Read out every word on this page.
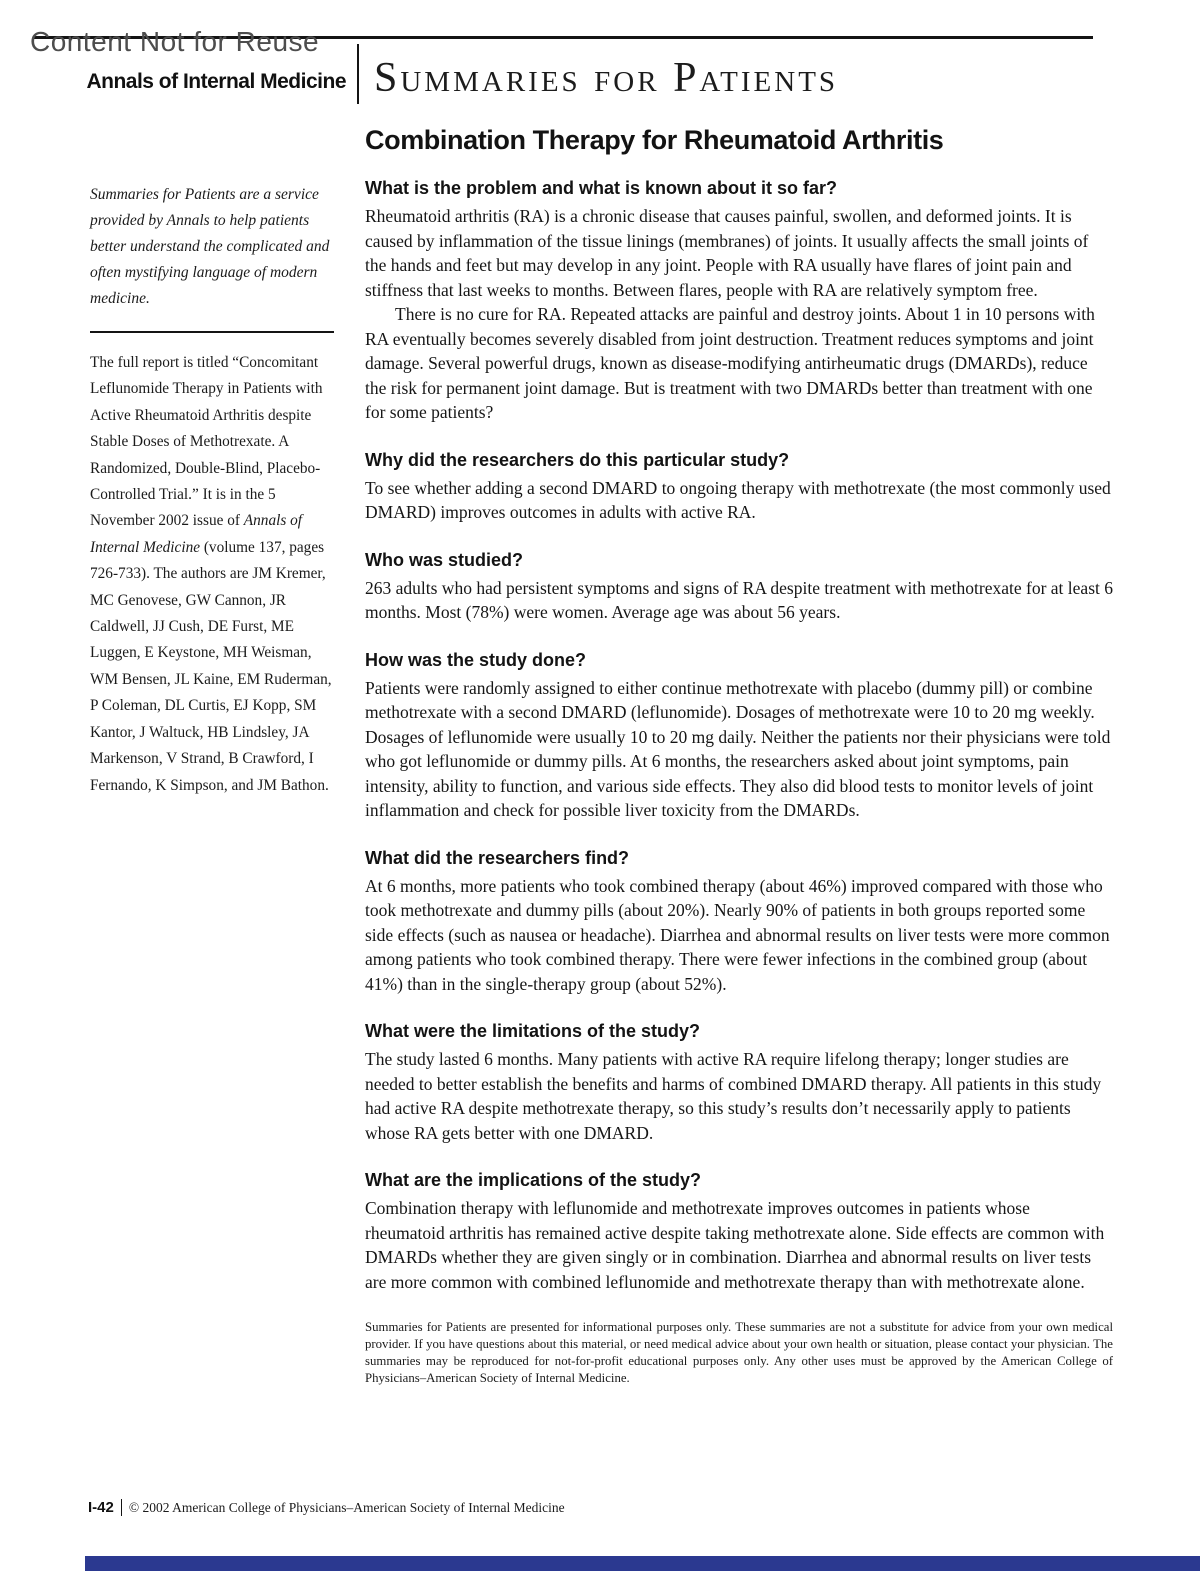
Content Not for Reuse
Annals of Internal Medicine Summaries for Patients
Combination Therapy for Rheumatoid Arthritis

Summaries for Patients are a service provided by Annals to help patients better understand the complicated and often mystifying language of modern medicine.

The full report is titled “Concomitant Leflunomide Therapy in Patients with Active Rheumatoid Arthritis despite Stable Doses of Methotrexate. A Randomized, Double-Blind, Placebo-Controlled Trial.” It is in the 5 November 2002 issue of Annals of Internal Medicine (volume 137, pages 726-733). The authors are JM Kremer, MC Genovese, GW Cannon, JR Caldwell, JJ Cush, DE Furst, ME Luggen, E Keystone, MH Weisman, WM Bensen, JL Kaine, EM Ruderman, P Coleman, DL Curtis, EJ Kopp, SM Kantor, J Waltuck, HB Lindsley, JA Markenson, V Strand, B Crawford, I Fernando, K Simpson, and JM Bathon.

What is the problem and what is known about it so far?

Rheumatoid arthritis (RA) is a chronic disease that causes painful, swollen, and deformed joints. It is caused by inflammation of the tissue linings (membranes) of joints. It usually affects the small joints of the hands and feet but may develop in any joint. People with RA usually have flares of joint pain and stiffness that last weeks to months. Between flares, people with RA are relatively symptom free.

There is no cure for RA. Repeated attacks are painful and destroy joints. About 1 in 10 persons with RA eventually becomes severely disabled from joint destruction. Treatment reduces symptoms and joint damage. Several powerful drugs, known as disease-modifying antirheumatic drugs (DMARDs), reduce the risk for permanent joint damage. But is treatment with two DMARDs better than treatment with one for some patients?

Why did the researchers do this particular study?

To see whether adding a second DMARD to ongoing therapy with methotrexate (the most commonly used DMARD) improves outcomes in adults with active RA.

Who was studied?

263 adults who had persistent symptoms and signs of RA despite treatment with methotrexate for at least 6 months. Most (78%) were women. Average age was about 56 years.

How was the study done?

Patients were randomly assigned to either continue methotrexate with placebo (dummy pill) or combine methotrexate with a second DMARD (leflunomide). Dosages of methotrexate were 10 to 20 mg weekly. Dosages of leflunomide were usually 10 to 20 mg daily. Neither the patients nor their physicians were told who got leflunomide or dummy pills. At 6 months, the researchers asked about joint symptoms, pain intensity, ability to function, and various side effects. They also did blood tests to monitor levels of joint inflammation and check for possible liver toxicity from the DMARDs.

What did the researchers find?

At 6 months, more patients who took combined therapy (about 46%) improved compared with those who took methotrexate and dummy pills (about 20%). Nearly 90% of patients in both groups reported some side effects (such as nausea or headache). Diarrhea and abnormal results on liver tests were more common among patients who took combined therapy. There were fewer infections in the combined group (about 41%) than in the single-therapy group (about 52%).

What were the limitations of the study?

The study lasted 6 months. Many patients with active RA require lifelong therapy; longer studies are needed to better establish the benefits and harms of combined DMARD therapy. All patients in this study had active RA despite methotrexate therapy, so this study’s results don’t necessarily apply to patients whose RA gets better with one DMARD.

What are the implications of the study?

Combination therapy with leflunomide and methotrexate improves outcomes in patients whose rheumatoid arthritis has remained active despite taking methotrexate alone. Side effects are common with DMARDs whether they are given singly or in combination. Diarrhea and abnormal results on liver tests are more common with combined leflunomide and methotrexate therapy than with methotrexate alone.

Summaries for Patients are presented for informational purposes only. These summaries are not a substitute for advice from your own medical provider. If you have questions about this material, or need medical advice about your own health or situation, please contact your physician. The summaries may be reproduced for not-for-profit educational purposes only. Any other uses must be approved by the American College of Physicians–American Society of Internal Medicine.

I-42	© 2002 American College of Physicians–American Society of Internal Medicine
